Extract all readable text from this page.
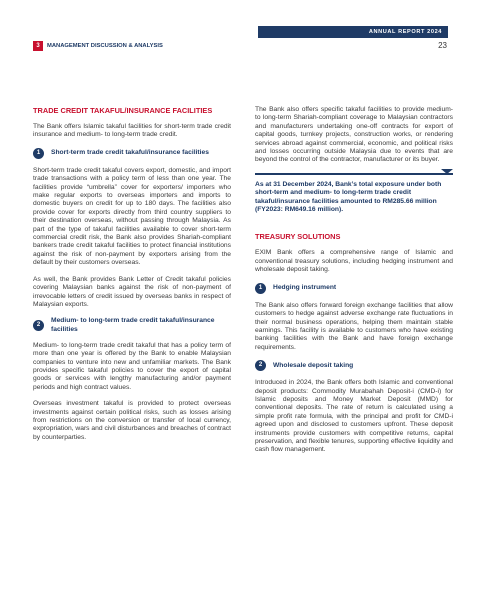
ANNUAL REPORT 2024
3	MANAGEMENT DISCUSSION & ANALYSIS	23
TRADE CREDIT TAKAFUL/INSURANCE FACILITIES

The Bank offers Islamic takaful facilities for short-term trade credit insurance and medium- to long-term trade credit.

1	Short-term trade credit takaful/insurance facilities

Short-term trade credit takaful covers export, domestic, and import trade transactions with a policy term of less than one year. The facilities provide “umbrella” cover for exporters/ importers who make regular exports to overseas importers and imports to domestic buyers on credit for up to 180 days. The facilities also provide cover for exports directly from third country suppliers to their destination overseas, without passing through Malaysia. As part of the type of takaful facilities available to cover short-term commercial credit risk, the Bank also provides Shariah-compliant bankers trade credit takaful facilities to protect financial institutions against the risk of non-payment by exporters arising from the default by their customers overseas.

As well, the Bank provides Bank Letter of Credit takaful policies covering Malaysian banks against the risk of non-payment of irrevocable letters of credit issued by overseas banks in respect of Malaysian exports.

2
Medium- to long-term trade credit takaful/insurance facilities

Medium- to long-term trade credit takaful that has a policy term of more than one year is offered by the Bank to enable Malaysian companies to venture into new and unfamiliar markets. The Bank provides specific takaful policies to cover the export of capital goods or services with lengthy manufacturing and/or payment periods and high contract values.

Overseas investment takaful is provided to protect overseas investments against certain political risks, such as losses arising from restrictions on the conversion or transfer of local currency, expropriation, wars and civil disturbances and breaches of contract by counterparties.

The Bank also offers specific takaful facilities to provide medium- to long-term Shariah-compliant coverage to Malaysian contractors and manufacturers undertaking one-off contracts for export of capital goods, turnkey projects, construction works, or rendering services abroad against commercial, economic, and political risks and losses occurring outside Malaysia due to events that are beyond the control of the contractor, manufacturer or its buyer.

As at 31 December 2024, Bank’s total exposure under both short-term and medium- to long-term trade credit takaful/insurance facilities amounted to RM285.66 million (FY2023: RM649.16 million).
TREASURY SOLUTIONS

EXIM Bank offers a comprehensive range of Islamic and conventional treasury solutions, including hedging instrument and wholesale deposit taking.

1	Hedging instrument

The Bank also offers forward foreign exchange facilities that allow customers to hedge against adverse exchange rate fluctuations in their normal business operations, helping them maintain stable earnings. This facility is available to customers who have existing banking facilities with the Bank and have foreign exchange requirements.

2	Wholesale deposit taking

Introduced in 2024, the Bank offers both Islamic and conventional deposit products: Commodity Murabahah Deposit-i (CMD-i) for Islamic deposits and Money Market Deposit (MMD) for conventional deposits. The rate of return is calculated using a simple profit rate formula, with the principal and profit for CMD-i agreed upon and disclosed to customers upfront. These deposit instruments provide customers with competitive returns, capital preservation, and flexible tenures, supporting effective liquidity and cash flow management.
